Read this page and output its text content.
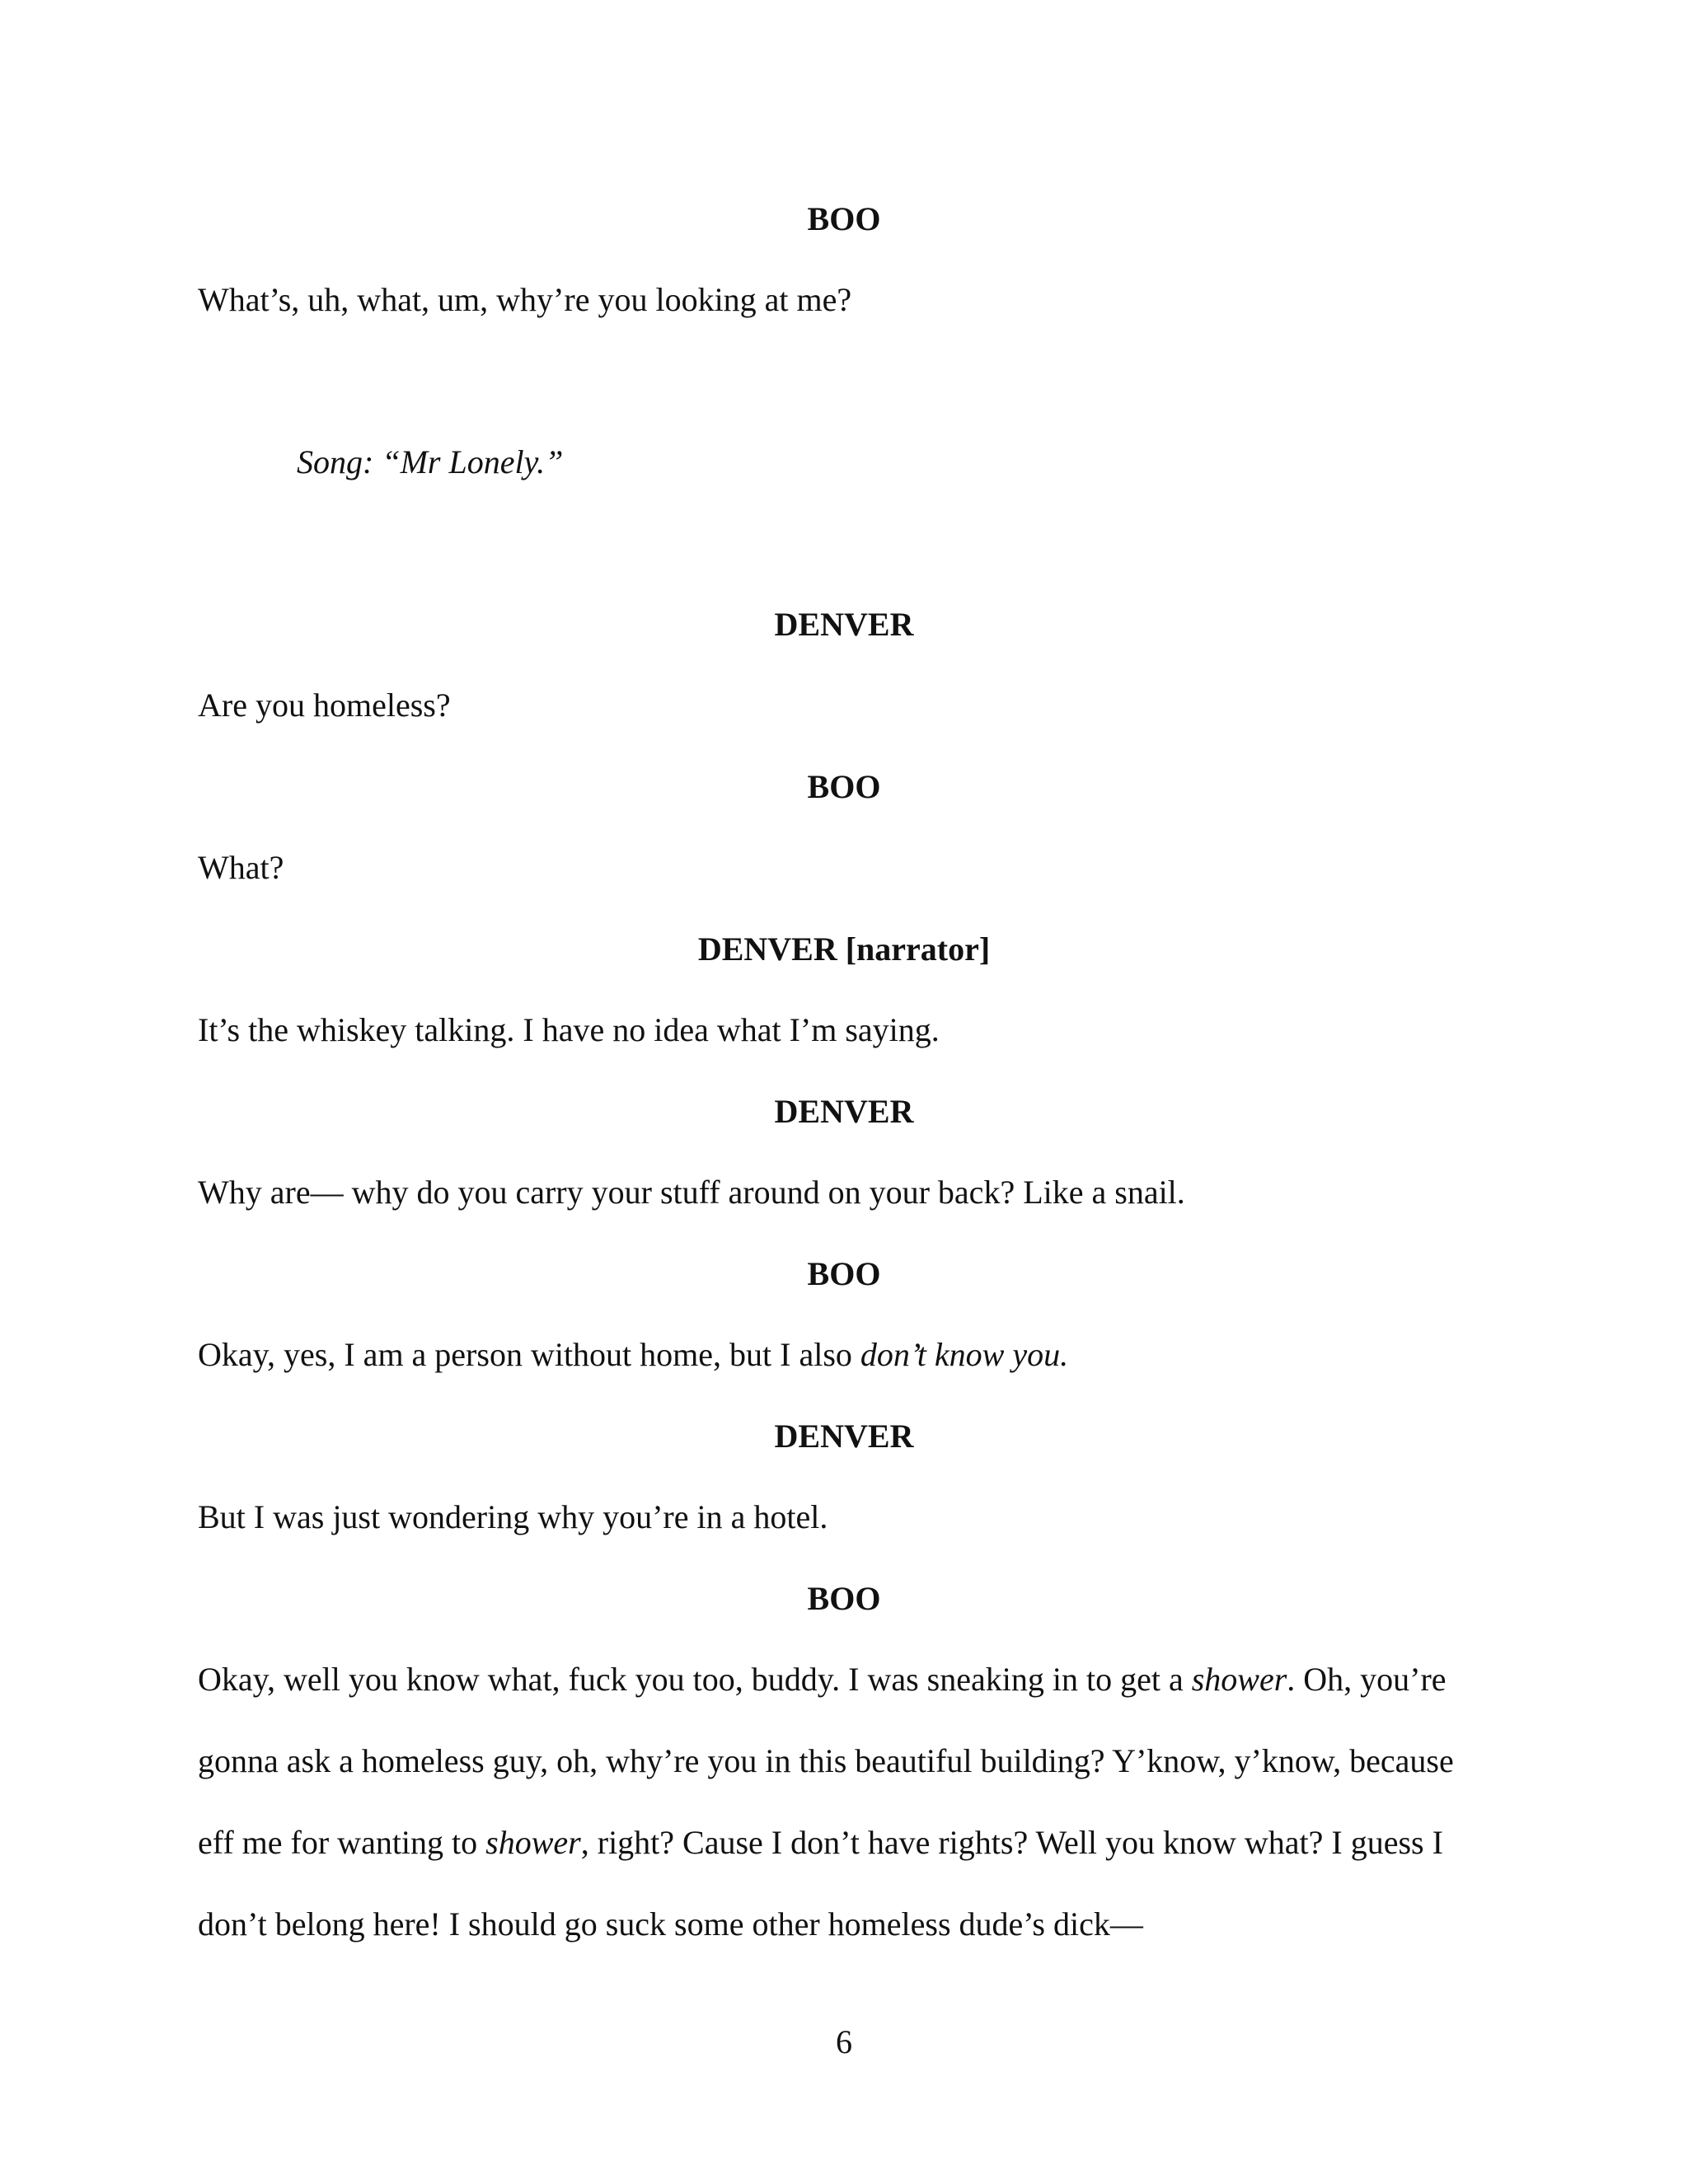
BOO

What’s, uh, what, um, why’re you looking at me?

Song: “Mr Lonely.”

DENVER

Are you homeless?

BOO

What?

DENVER [narrator]

It’s the whiskey talking. I have no idea what I’m saying.

DENVER

Why are— why do you carry your stuff around on your back? Like a snail.

BOO

Okay, yes, I am a person without home, but I also don’t know you.

DENVER

But I was just wondering why you’re in a hotel.

BOO

Okay, well you know what, fuck you too, buddy. I was sneaking in to get a shower. Oh, you’re

gonna ask a homeless guy, oh, why’re you in this beautiful building? Y’know, y’know, because

eff me for wanting to shower, right? Cause I don’t have rights? Well you know what? I guess I

don’t belong here! I should go suck some other homeless dude’s dick—

6
